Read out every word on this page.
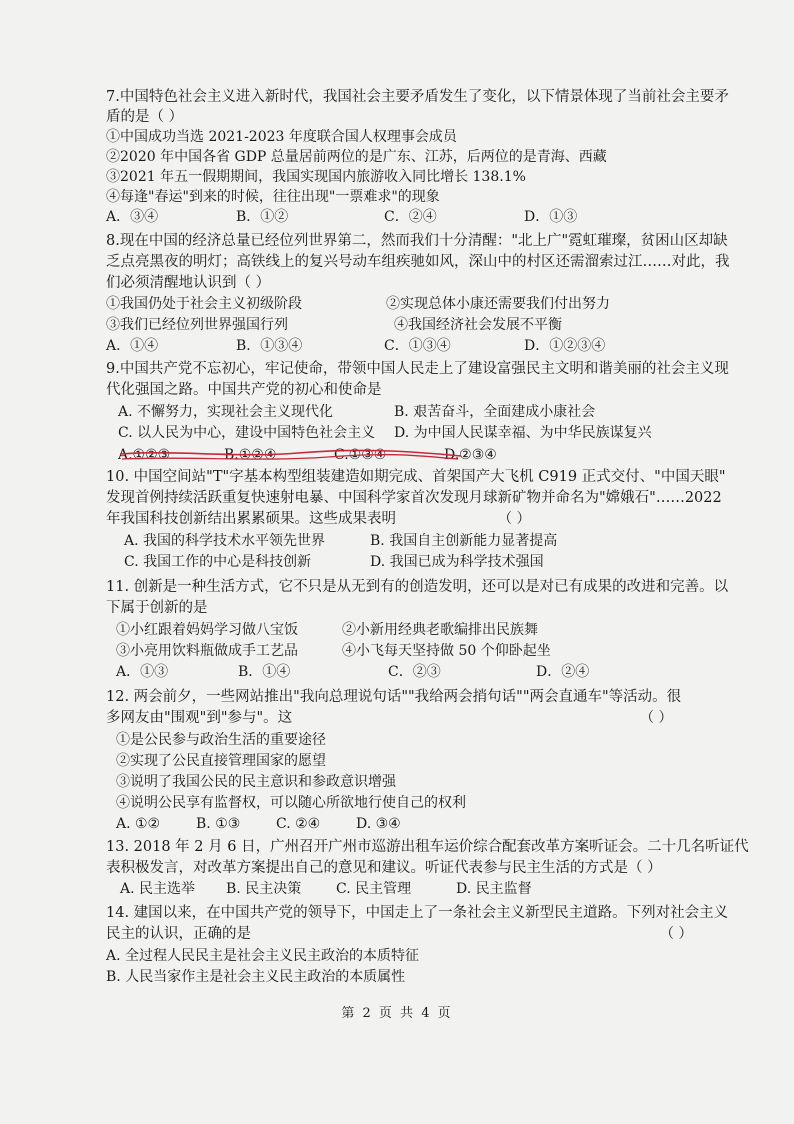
7.中国特色社会主义进入新时代，我国社会主要矛盾发生了变化，以下情景体现了当前社会主要矛
盾的是（ ）
①中国成功当选 2021-2023 年度联合国人权理事会成员
②2020 年中国各省 GDP 总量居前两位的是广东、江苏，后两位的是青海、西藏
③2021 年五一假期期间，我国实现国内旅游收入同比增长 138.1%
④每逢"春运"到来的时候，往往出现"一票难求"的现象
A．③④	B．①②	C．②④	D．①③
8.现在中国的经济总量已经位列世界第二，然而我们十分清醒："北上广"霓虹璀璨，贫困山区却缺
乏点亮黑夜的明灯；高铁线上的复兴号动车组疾驰如风，深山中的村区还需溜索过江……对此，我
们必须清醒地认识到（ ）
①我国仍处于社会主义初级阶段	②实现总体小康还需要我们付出努力
③我们已经位列世界强国行列	④我国经济社会发展不平衡
A．①④	B．①③④	C．①③④	D．①②③④
9.中国共产党不忘初心，牢记使命，带领中国人民走上了建设富强民主文明和谐美丽的社会主义现
代化强国之路。中国共产党的初心和使命是
A. 不懈努力，实现社会主义现代化	B. 艰苦奋斗，全面建成小康社会
C. 以人民为中心，建设中国特色社会主义 D. 为中国人民谋幸福、为中华民族谋复兴
A.①②③	B.①②④	C.①③④	D.②③④
10. 中国空间站"T"字基本构型组装建造如期完成、首架国产大飞机 C919 正式交付、"中国天眼"
发现首例持续活跃重复快速射电暴、中国科学家首次发现月球新矿物并命名为"嫦娥石"……2022
年我国科技创新结出累累硕果。这些成果表明	（ ）
A. 我国的科学技术水平领先世界	B. 我国自主创新能力显著提高
C. 我国工作的中心是科技创新	D. 我国已成为科学技术强国
11. 创新是一种生活方式，它不只是从无到有的创造发明，还可以是对已有成果的改进和完善。以
下属于创新的是
①小红跟着妈妈学习做八宝饭	②小新用经典老歌编排出民族舞
③小亮用饮料瓶做成手工艺品	④小飞每天坚持做 50 个仰卧起坐
A．①③	B．①④	C．②③	D．②④
12. 两会前夕，一些网站推出"我向总理说句话""我给两会捎句话""两会直通车"等活动。很
多网友由"围观"到"参与"。这	（ ）
①是公民参与政治生活的重要途径
②实现了公民直接管理国家的愿望
③说明了我国公民的民主意识和参政意识增强
④说明公民享有监督权，可以随心所欲地行使自己的权利
A. ①②	B. ①③	C. ②④	D. ③④
13. 2018 年 2 月 6 日，广州召开广州市巡游出租车运价综合配套改革方案听证会。二十几名听证代
表积极发言，对改革方案提出自己的意见和建议。听证代表参与民主生活的方式是（ ）
A. 民主选举 B. 民主决策 C. 民主管理	D. 民主监督
14. 建国以来，在中国共产党的领导下，中国走上了一条社会主义新型民主道路。下列对社会主义
民主的认识，正确的是	（ ）
A. 全过程人民民主是社会主义民主政治的本质特征
B. 人民当家作主是社会主义民主政治的本质属性
第 2 页 共 4 页
